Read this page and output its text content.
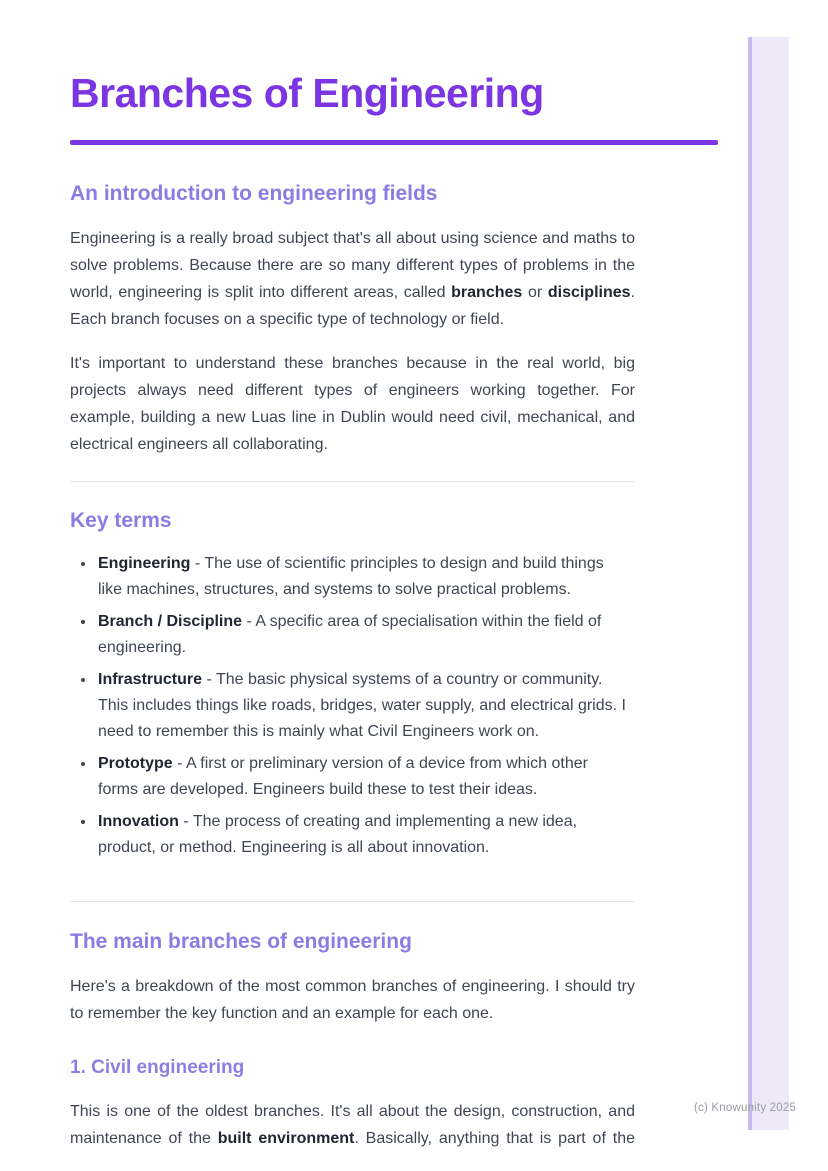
(c) Knowunity 2025
Branches of Engineering
An introduction to engineering fields

Engineering is a really broad subject that's all about using science and maths to solve problems. Because there are so many different types of problems in the world, engineering is split into different areas, called branches or disciplines. Each branch focuses on a specific type of technology or field.

It's important to understand these branches because in the real world, big projects always need different types of engineers working together. For example, building a new Luas line in Dublin would need civil, mechanical, and electrical engineers all collaborating.

Key terms
• Engineering - The use of scientific principles to design and build things like machines, structures, and systems to solve practical problems.
• Branch / Discipline - A specific area of specialisation within the field of engineering.
• Infrastructure - The basic physical systems of a country or community. This includes things like roads, bridges, water supply, and electrical grids. I need to remember this is mainly what Civil Engineers work on.
• Prototype - A first or preliminary version of a device from which other forms are developed. Engineers build these to test their ideas.
• Innovation - The process of creating and implementing a new idea, product, or method. Engineering is all about innovation.
The main branches of engineering

Here's a breakdown of the most common branches of engineering. I should try to remember the key function and an example for each one.

1. Civil engineering

This is one of the oldest branches. It's all about the design, construction, and maintenance of the built environment. Basically, anything that is part of the
